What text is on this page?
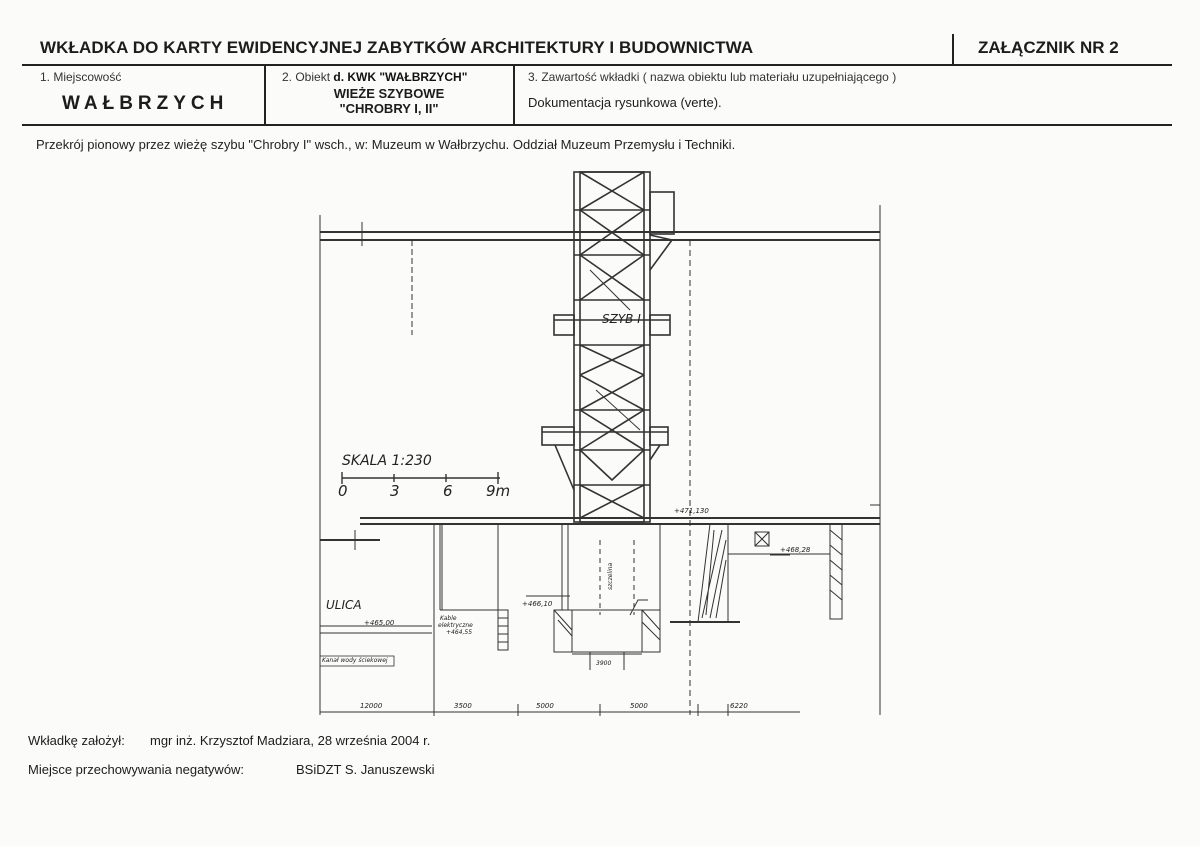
WKŁADKA DO KARTY EWIDENCYJNEJ ZABYTKÓW ARCHITEKTURY I BUDOWNICTWA	ZAŁĄCZNIK NR 2
1. Miejscowość
WAŁBRZYCH
2. Obiekt d. KWK "WAŁBRZYCH"
WIEŻE SZYBOWE
"CHROBRY I, II"
3. Zawartość wkładki ( nazwa obiektu lub materiału uzupełniającego )
Dokumentacja rysunkowa (verte).
Przekrój pionowy przez wieżę szybu "Chrobry I" wsch., w: Muzeum w Wałbrzychu. Oddział Muzeum Przemysłu i Techniki.
SKALA 1:230
0	3	6 9m
SZYB I
ULICA
+471,130
+468,28
+466,10
+465,00
Kable
elektryczne
+464,55
Kanał wody ściekowej	3900
12000	3500	5000	5000	6220
szczelina
Wkładkę założył: mgr inż. Krzysztof Madziara, 28 września 2004 r.
Miejsce przechowywania negatywów:	BSiDZT S. Januszewski
